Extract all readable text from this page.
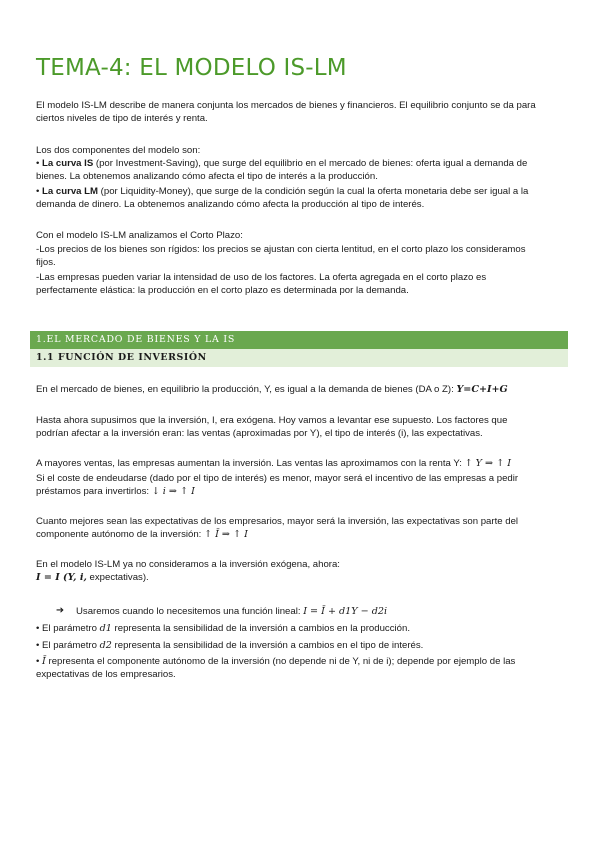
TEMA-4: EL MODELO IS-LM

El modelo IS-LM describe de manera conjunta los mercados de bienes y financieros. El equilibrio conjunto se da para
ciertos niveles de tipo de interés y renta.

Los dos componentes del modelo son:

• La curva IS (por Investment-Saving), que surge del equilibrio en el mercado de bienes: oferta igual a demanda de
bienes. La obtenemos analizando cómo afecta el tipo de interés a la producción.

• La curva LM (por Liquidity-Money), que surge de la condición según la cual la oferta monetaria debe ser igual a la
demanda de dinero. La obtenemos analizando cómo afecta la producción al tipo de interés.

Con el modelo IS-LM analizamos el Corto Plazo:

-Los precios de los bienes son rígidos: los precios se ajustan con cierta lentitud, en el corto plazo los consideramos
fijos.

-Las empresas pueden variar la intensidad de uso de los factores. La oferta agregada en el corto plazo es
perfectamente elástica: la producción en el corto plazo es determinada por la demanda.

1.EL MERCADO DE BIENES Y LA IS
1.1 FUNCIÓN DE INVERSIÓN

En el mercado de bienes, en equilibrio la producción, Y, es igual a la demanda de bienes (DA o Z): Y=C+I+G

Hasta ahora supusimos que la inversión, I, era exógena. Hoy vamos a levantar ese supuesto. Los factores que
podrían afectar a la inversión eran: las ventas (aproximadas por Y), el tipo de interés (i), las expectativas.

A mayores ventas, las empresas aumentan la inversión. Las ventas las aproximamos con la renta Y: ↑ Y ⇒ ↑ I

Si el coste de endeudarse (dado por el tipo de interés) es menor, mayor será el incentivo de las empresas a pedir
préstamos para invertirlos: ↓ i ⇒ ↑ I

Cuanto mejores sean las expectativas de los empresarios, mayor será la inversión, las expectativas son parte del
componente autónomo de la inversión: ↑ Ī ⇒ ↑ I

En el modelo IS-LM ya no consideramos a la inversión exógena, ahora:
I = I (Y, i, expectativas).

➔ Usaremos cuando lo necesitemos una función lineal: I = Ī + d1Y − d2i

• El parámetro d1 representa la sensibilidad de la inversión a cambios en la producción.

• El parámetro d2 representa la sensibilidad de la inversión a cambios en el tipo de interés.

• Ī representa el componente autónomo de la inversión (no depende ni de Y, ni de i); depende por ejemplo de las
expectativas de los empresarios.
